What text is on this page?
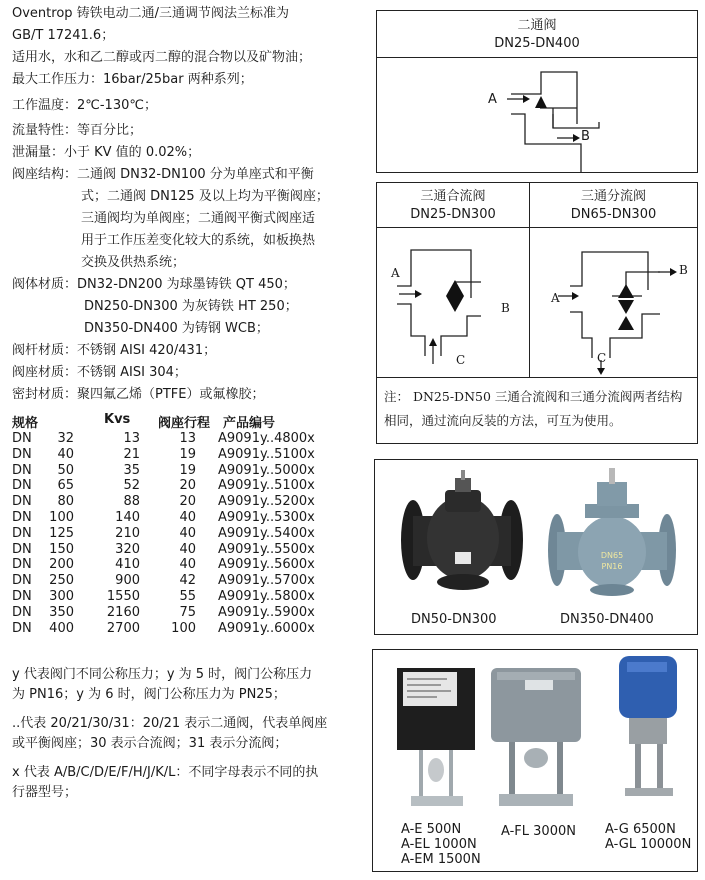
Oventrop 铸铁电动二通/三通调节阀法兰标准为
GB/T 17241.6；
适用水，水和乙二醇或丙二醇的混合物以及矿物油；
最大工作压力：16bar/25bar 两种系列；
工作温度：2℃-130℃；
流量特性：等百分比；
泄漏量：小于 KV 值的 0.02%；
阀座结构：二通阀 DN32-DN100 分为单座式和平衡
式；二通阀 DN125 及以上均为平衡阀座；
三通阀均为单阀座；二通阀平衡式阀座适
用于工作压差变化较大的系统，如板换热
交换及供热系统；
阀体材质：DN32-DN200 为球墨铸铁 QT 450；
DN250-DN300 为灰铸铁 HT 250；
DN350-DN400 为铸钢 WCB；
阀杆材质：不锈钢 AISI 420/431；
阀座材质：不锈钢 AISI 304；
密封材质：聚四氟乙烯（PTFE）或氟橡胶；
规格	Kvs 阀座行程 产品编号
DN	32	13	13 A9091y..4800x
DN	40	21	19 A9091y..5100x
DN	50	35	19 A9091y..5000x
DN	65	52	20 A9091y..5100x
DN	80	88	20 A9091y..5200x
DN	100	140	40 A9091y..5300x
DN	125	210	40 A9091y..5400x
DN	150	320	40 A9091y..5500x
DN	200	410	40 A9091y..5600x
DN	250	900	42 A9091y..5700x
DN	300	1550	55 A9091y..5800x
DN	350	2160	75 A9091y..5900x
DN	400	2700	100 A9091y..6000x
y 代表阀门不同公称压力；y 为 5 时，阀门公称压力
为 PN16；y 为 6 时，阀门公称压力为 PN25；
..代表 20/21/30/31：20/21 表示二通阀，代表单阀座
或平衡阀座；30 表示合流阀；31 表示分流阀；
x 代表 A/B/C/D/E/F/H/J/K/L：不同字母表示不同的执
行器型号；
二通阀
DN25-DN400
A
B
三通合流阀
DN25-DN300
三通分流阀
DN65-DN300
A
B
C
B
A
C
注： DN25-DN50 三通合流阀和三通分流阀两者结构
相同，通过流向反装的方法，可互为使用。
DN65
PN16
DN50-DN300	DN350-DN400
A-E 500N
A-EL 1000N
A-EM 1500N
A-FL 3000N A-G 6500N
A-GL 10000N
